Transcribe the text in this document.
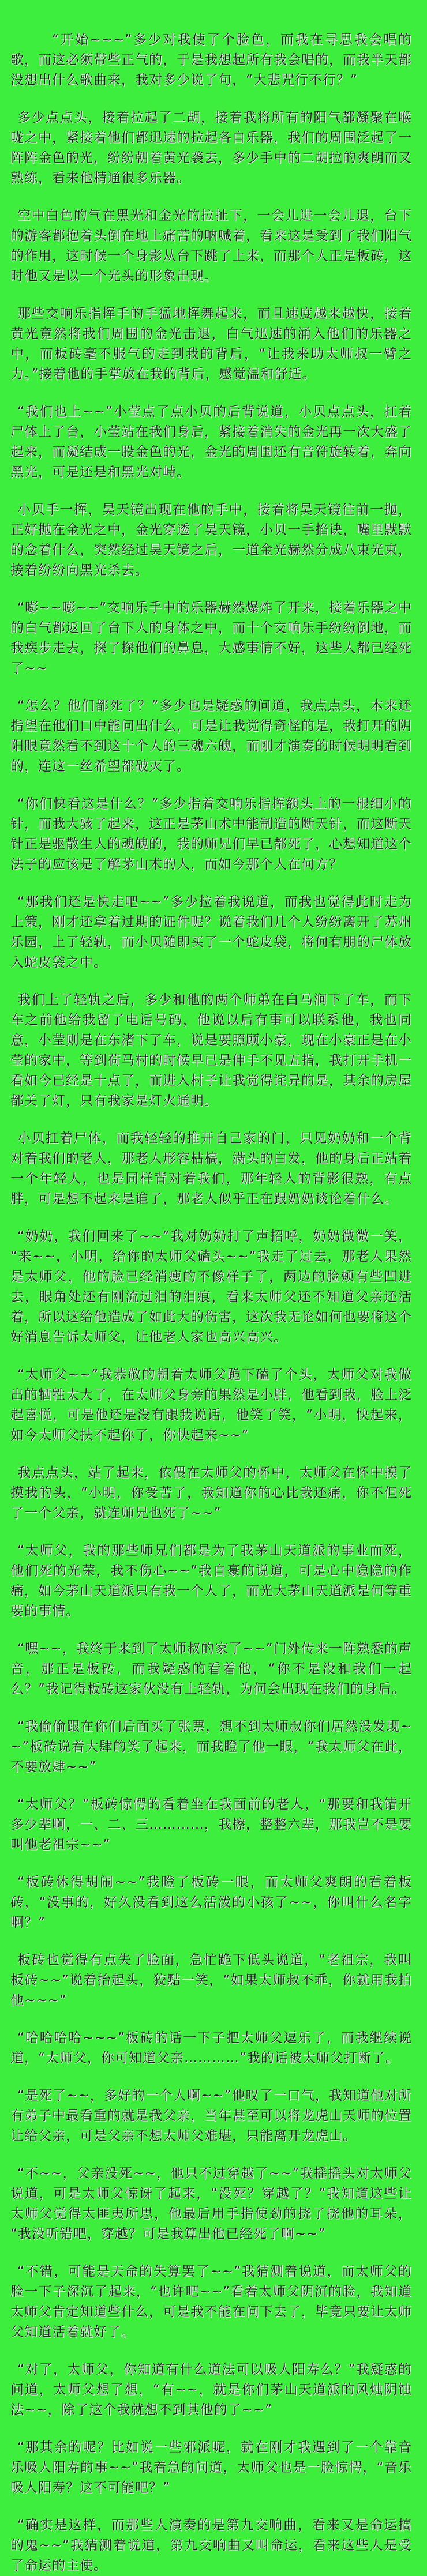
“开始~~~”多少对我使了个脸色，而我在寻思我会唱的歌，而这必须带些正气的，于是我想起所有我会唱的，而我半天都没想出什么歌曲来，我对多少说了句，“大悲咒行不行？”

多少点点头，接着拉起了二胡，接着我将所有的阳气都凝聚在喉咙之中，紧接着他们都迅速的拉起各自乐器，我们的周围泛起了一阵阵金色的光，纷纷朝着黄光袭去，多少手中的二胡拉的爽朗而又熟练，看来他精通很多乐器。

空中白色的气在黑光和金光的拉扯下，一会儿进一会儿退，台下的游客都抱着头倒在地上痛苦的呐喊着，看来这是受到了我们阳气的作用，这时候一个身影从台下跳了上来，而那个人正是板砖，这时他又是以一个光头的形象出现。

那些交响乐指挥手的手猛地挥舞起来，而且速度越来越快，接着黄光竟然将我们周围的金光击退，白气迅速的涌入他们的乐器之中，而板砖毫不服气的走到我的背后，“让我来助太师叔一臂之力。”接着他的手掌放在我的背后，感觉温和舒适。

“我们也上~~”小莹点了点小贝的后背说道，小贝点点头，扛着尸体上了台，小莹站在我们身后，紧接着消失的金光再一次大盛了起来，而凝结成一股金色的光，金光的周围还有音符旋转着，奔向黑光，可是还是和黑光对峙。

小贝手一挥，昊天镜出现在他的手中，接着将昊天镜往前一抛，正好抛在金光之中，金光穿透了昊天镜，小贝一手掐诀，嘴里默默的念着什么，突然经过昊天镜之后，一道金光赫然分成八束光束，接着纷纷向黑光杀去。

“嘭~~嘭~~”交响乐手中的乐器赫然爆炸了开来，接着乐器之中的白气都返回了台下人的身体之中，而十个交响乐手纷纷倒地，而我疾步走去，探了探他们的鼻息，大感事情不好，这些人都已经死了~~

“怎么？他们都死了？”多少也是疑惑的问道，我点点头，本来还指望在他们口中能问出什么，可是让我觉得奇怪的是，我打开的阴阳眼竟然看不到这十个人的三魂六魄，而刚才演奏的时候明明看到的，连这一丝希望都破灭了。

“你们快看这是什么？”多少指着交响乐指挥额头上的一根细小的针，而我大骇了起来，这正是茅山术中能制造的断天针，而这断天针正是驱散生人的魂魄的，我的师兄们早已都死了，心想知道这个法子的应该是了解茅山术的人，而如今那个人在何方？

“那我们还是快走吧~~”多少拉着我说道，而我也觉得此时走为上策，刚才还拿着过期的证件呢？说着我们几个人纷纷离开了苏州乐园，上了轻轨，而小贝随即买了一个蛇皮袋，将何有朋的尸体放入蛇皮袋之中。

我们上了轻轨之后，多少和他的两个师弟在白马涧下了车，而下车之前他给我留了电话号码，他说以后有事可以联系他，我也同意，小莹则是在东渚下了车，说是要照顾小豪，现在小豪正是在小莹的家中，等到荷马村的时候早已是伸手不见五指，我打开手机一看如今已经是十点了，而进入村子让我觉得诧异的是，其余的房屋都关了灯，只有我家是灯火通明。

小贝扛着尸体，而我轻轻的推开自己家的门，只见奶奶和一个背对着我们的老人，那老人形容枯槁，满头的白发，他的身后正站着一个年轻人，也是同样背对着我们，那年轻人的背影很熟，有点胖，可是想不起来是谁了，那老人似乎正在跟奶奶谈论着什么。

“奶奶，我们回来了~~”我对奶奶打了声招呼，奶奶微微一笑，“来~~，小明，给你的太师父磕头~~”我走了过去，那老人果然是太师父，他的脸已经消瘦的不像样子了，两边的脸颊有些凹进去，眼角处还有刚流过泪的泪痕，看来太师父还不知道父亲还活着，所以这给他造成了如此大的伤害，这次我无论如何也要将这个好消息告诉太师父，让他老人家也高兴高兴。

“太师父~~”我恭敬的朝着太师父跪下磕了个头，太师父对我做出的牺牲太大了，在太师父身旁的果然是小胖，他看到我，脸上泛起喜悦，可是他还是没有跟我说话，他笑了笑，“小明，快起来，如今太师父扶不起你了，你快起来~~”

我点点头，站了起来，依偎在太师父的怀中，太师父在怀中摸了摸我的头，“小明，你受苦了，我知道你的心比我还痛，你不但死了一个父亲，就连师兄也死了~~”

“太师父，我的那些师兄们都是为了我茅山天道派的事业而死，他们死的光荣，我不伤心~~”我自豪的说道，可是心中隐隐的作痛，如今茅山天道派只有我一个人了，而光大茅山天道派是何等重要的事情。

“嘿~~，我终于来到了太师叔的家了~~”门外传来一阵熟悉的声音，那正是板砖，而我疑惑的看着他，“你不是没和我们一起么？”我记得板砖这家伙没有上轻轨，为何会出现在我们的身后。

“我偷偷跟在你们后面买了张票，想不到太师叔你们居然没发现~~”板砖说着大肆的笑了起来，而我瞪了他一眼，“我太师父在此，不要放肆~~”

“太师父？”板砖惊愕的看着坐在我面前的老人，“那要和我错开多少辈啊，一、二、三…………，我擦，整整六辈，那我岂不是要叫他老祖宗~~”

“板砖休得胡闹~~”我瞪了板砖一眼，而太师父爽朗的看着板砖，“没事的，好久没看到这么活泼的小孩了~~，你叫什么名字啊？”

板砖也觉得有点失了脸面，急忙跪下低头说道，“老祖宗，我叫板砖~~”说着抬起头，狡黠一笑，“如果太师叔不乖，你就用我拍他~~~”

“哈哈哈哈~~~”板砖的话一下子把太师父逗乐了，而我继续说道，“太师父，你可知道父亲…………”我的话被太师父打断了。

“是死了~~，多好的一个人啊~~”他叹了一口气，我知道他对所有弟子中最看重的就是我父亲，当年甚至可以将龙虎山天师的位置让给父亲，可是父亲不想太师父难堪，只能离开龙虎山。

“不~~，父亲没死~~，他只不过穿越了~~”我摇摇头对太师父说道，可是太师父惊讶了起来，“没死？穿越了？”我知道这些让太师父觉得太匪夷所思，他最后用手指使劲的挠了挠他的耳朵，“我没听错吧，穿越？可是我算出他已经死了啊~~”

“不错，可能是天命的失算罢了~~”我猜测着说道，而太师父的脸一下子深沉了起来，“也许吧~~”看着太师父阴沉的脸，我知道太师父肯定知道些什么，可是我不能在问下去了，毕竟只要让太师父知道活着就好了。

“对了，太师父，你知道有什么道法可以吸人阳寿么？”我疑惑的问道，太师父想了想，“有~~，就是你们茅山天道派的风烛阴蚀法~~，除了这个我就想不到其他的了~~”

“那其余的呢？比如说一些邪派呢，就在刚才我遇到了一个靠音乐吸人阳寿的事~~”我着急的问道，太师父也是一脸惊愕，“音乐吸人阳寿？这不可能吧？”

“确实是这样，而那些人演奏的是第九交响曲，看来又是命运搞的鬼~~”我猜测着说道，第九交响曲又叫命运，看来这些人是受了命运的主使。
